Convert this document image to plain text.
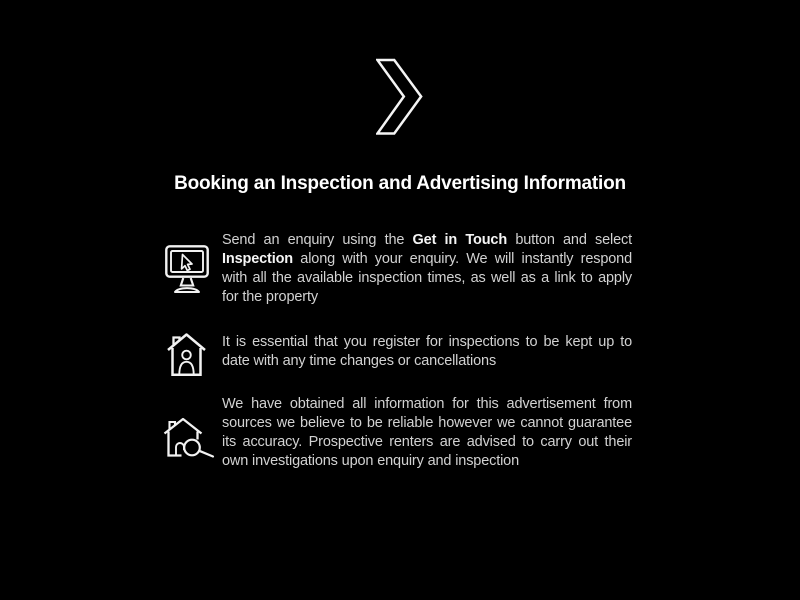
Booking an Inspection and Advertising Information

Send an enquiry using the Get in Touch button and select Inspection along with your enquiry. We will instantly respond with all the available inspection times, as well as a link to apply for the property

It is essential that you register for inspections to be kept up to date with any time changes or cancellations

We have obtained all information for this advertisement from sources we believe to be reliable however we cannot guarantee its accuracy. Prospective renters are advised to carry out their own investigations upon enquiry and inspection
